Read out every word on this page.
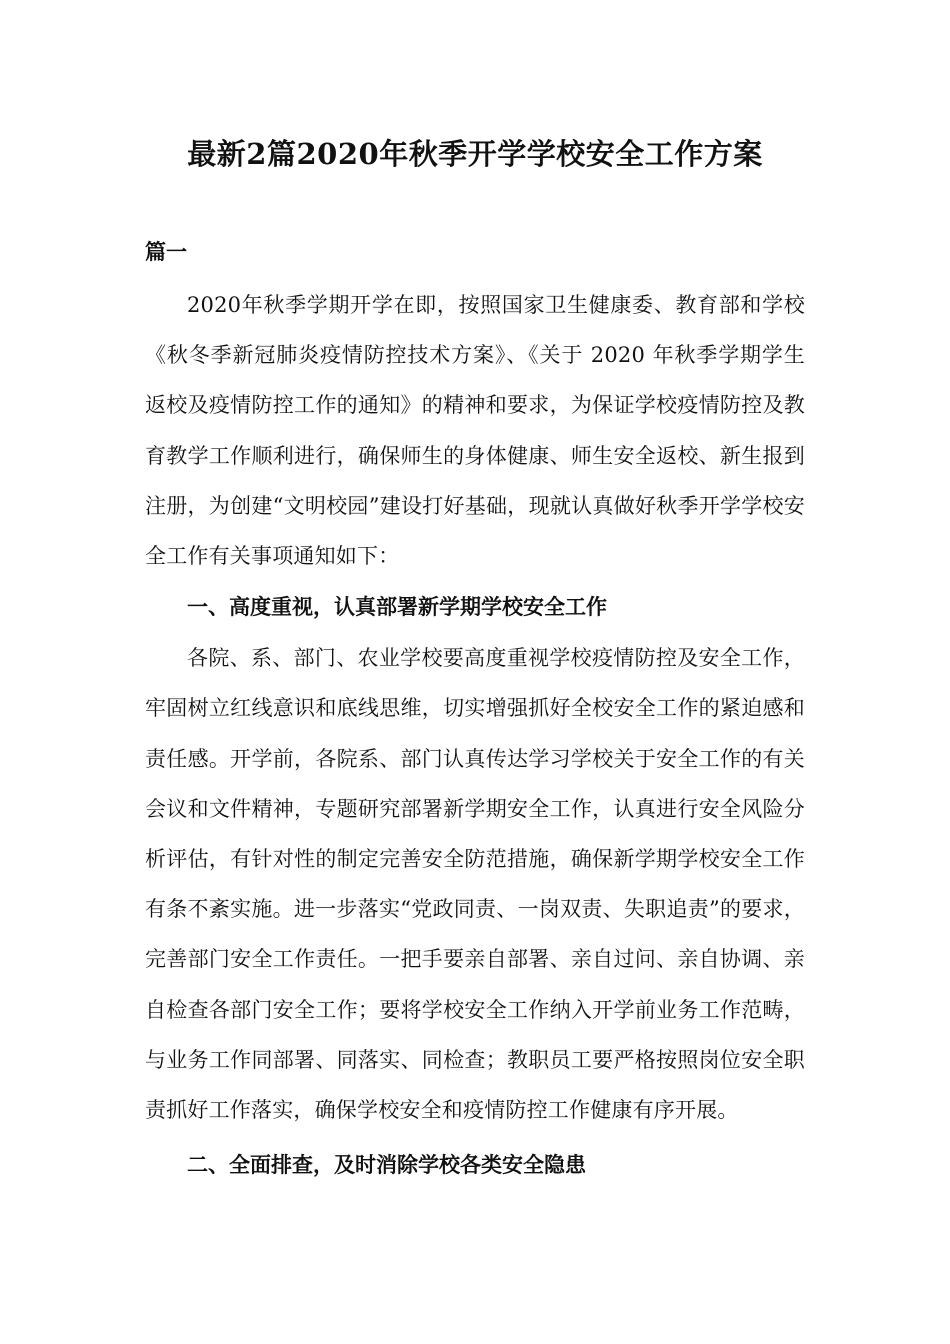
最新2篇2020年秋季开学学校安全工作方案
篇一

2020年秋季学期开学在即，按照国家卫生健康委、教育部和学校《秋冬季新冠肺炎疫情防控技术方案》、《关于 2020 年秋季学期学生返校及疫情防控工作的通知》的精神和要求，为保证学校疫情防控及教育教学工作顺利进行，确保师生的身体健康、师生安全返校、新生报到注册，为创建“文明校园”建设打好基础，现就认真做好秋季开学学校安全工作有关事项通知如下：

一、高度重视，认真部署新学期学校安全工作

各院、系、部门、农业学校要高度重视学校疫情防控及安全工作，牢固树立红线意识和底线思维，切实增强抓好全校安全工作的紧迫感和责任感。开学前，各院系、部门认真传达学习学校关于安全工作的有关会议和文件精神，专题研究部署新学期安全工作，认真进行安全风险分析评估，有针对性的制定完善安全防范措施，确保新学期学校安全工作有条不紊实施。进一步落实“党政同责、一岗双责、失职追责”的要求，完善部门安全工作责任。一把手要亲自部署、亲自过问、亲自协调、亲自检查各部门安全工作；要将学校安全工作纳入开学前业务工作范畴，与业务工作同部署、同落实、同检查；教职员工要严格按照岗位安全职责抓好工作落实，确保学校安全和疫情防控工作健康有序开展。

二、全面排查，及时消除学校各类安全隐患
